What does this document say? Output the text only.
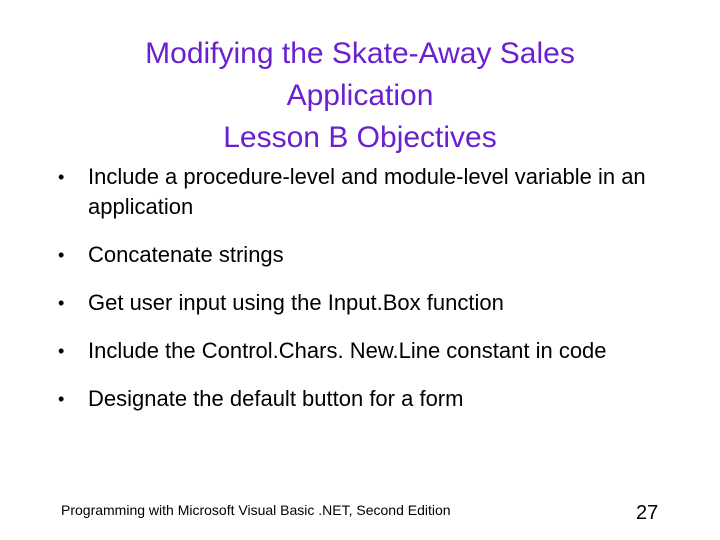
Modifying the Skate-Away Sales
Application
Lesson B Objectives
• Include a procedure-level and module-level variable in an application
• Concatenate strings
• Get user input using the Input.Box function
• Include the Control.Chars. New.Line constant in code
• Designate the default button for a form

Programming with Microsoft Visual Basic .NET, Second Edition	27
